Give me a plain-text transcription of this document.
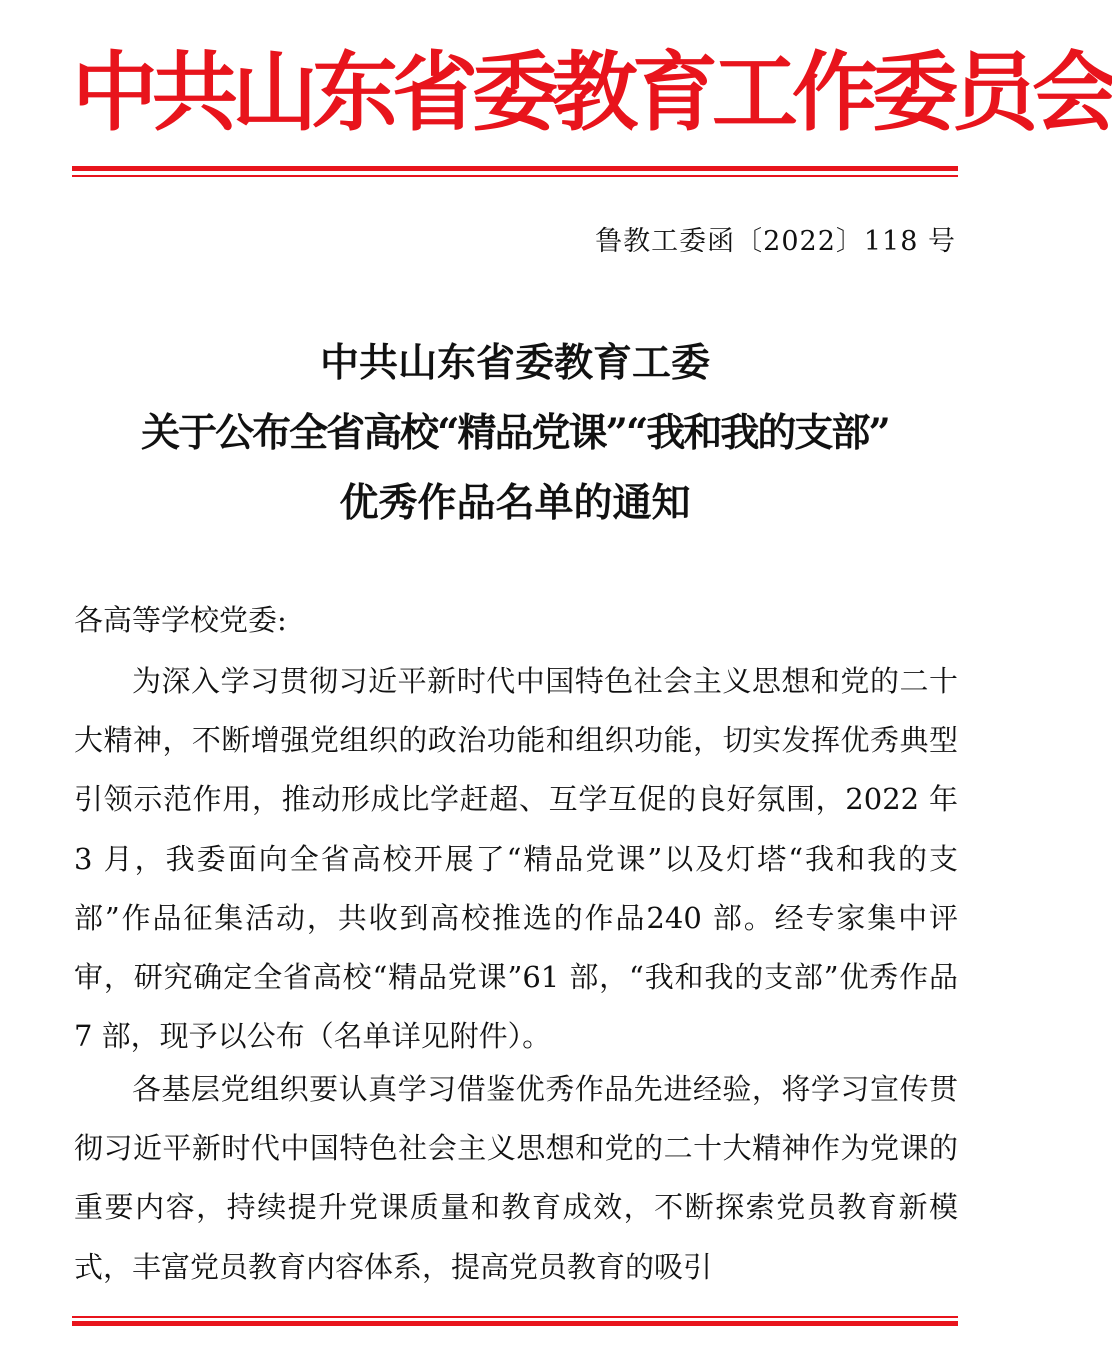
中共山东省委教育工作委员会
鲁教工委函〔2022〕118 号
中共山东省委教育工委
关于公布全省高校“精品党课”“我和我的支部”
优秀作品名单的通知
各高等学校党委:
为深入学习贯彻习近平新时代中国特色社会主义思想和党的二十大精神，不断增强党组织的政治功能和组织功能，切实发挥优秀典型引领示范作用，推动形成比学赶超、互学互促的良好氛围，2022 年 3 月，我委面向全省高校开展了“精品党课”以及灯塔“我和我的支部”作品征集活动，共收到高校推选的作品240 部。经专家集中评审，研究确定全省高校“精品党课”61 部，“我和我的支部”优秀作品 7 部，现予以公布（名单详见附件）。
各基层党组织要认真学习借鉴优秀作品先进经验，将学习宣传贯彻习近平新时代中国特色社会主义思想和党的二十大精神作为党课的重要内容，持续提升党课质量和教育成效，不断探索党员教育新模式，丰富党员教育内容体系，提高党员教育的吸引
